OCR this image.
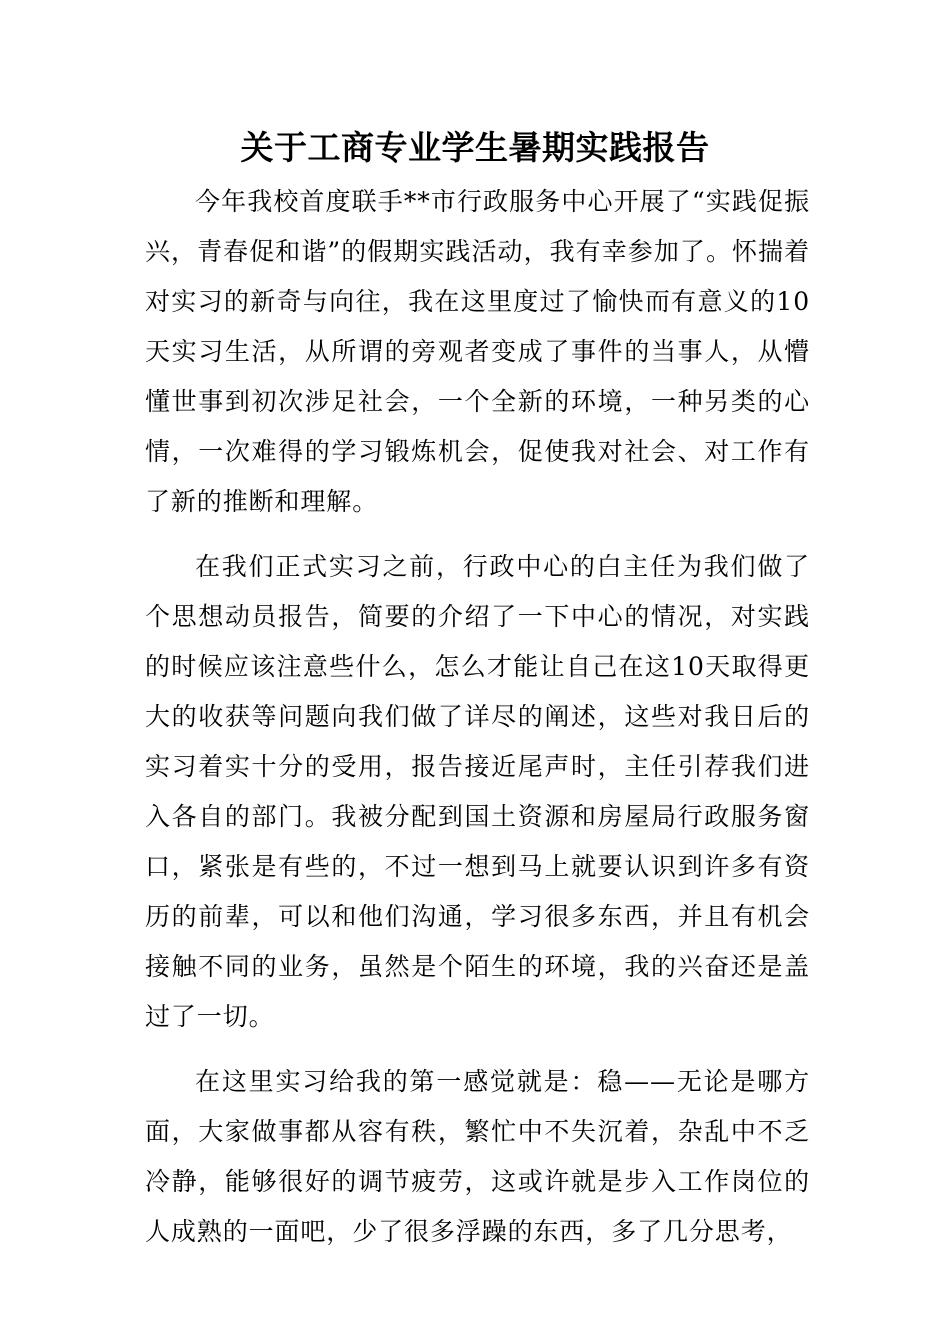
关于工商专业学生暑期实践报告

今年我校首度联手**市行政服务中心开展了“实践促振兴，青春促和谐”的假期实践活动，我有幸参加了。怀揣着对实习的新奇与向往，我在这里度过了愉快而有意义的10天实习生活，从所谓的旁观者变成了事件的当事人，从懵懂世事到初次涉足社会，一个全新的环境，一种另类的心情，一次难得的学习锻炼机会，促使我对社会、对工作有了新的推断和理解。

在我们正式实习之前，行政中心的白主任为我们做了个思想动员报告，简要的介绍了一下中心的情况，对实践的时候应该注意些什么，怎么才能让自己在这10天取得更大的收获等问题向我们做了详尽的阐述，这些对我日后的实习着实十分的受用，报告接近尾声时，主任引荐我们进入各自的部门。我被分配到国土资源和房屋局行政服务窗口，紧张是有些的，不过一想到马上就要认识到许多有资历的前辈，可以和他们沟通，学习很多东西，并且有机会接触不同的业务，虽然是个陌生的环境，我的兴奋还是盖过了一切。

在这里实习给我的第一感觉就是：稳——无论是哪方面，大家做事都从容有秩，繁忙中不失沉着，杂乱中不乏冷静，能够很好的调节疲劳，这或许就是步入工作岗位的人成熟的一面吧，少了很多浮躁的东西，多了几分思考，
